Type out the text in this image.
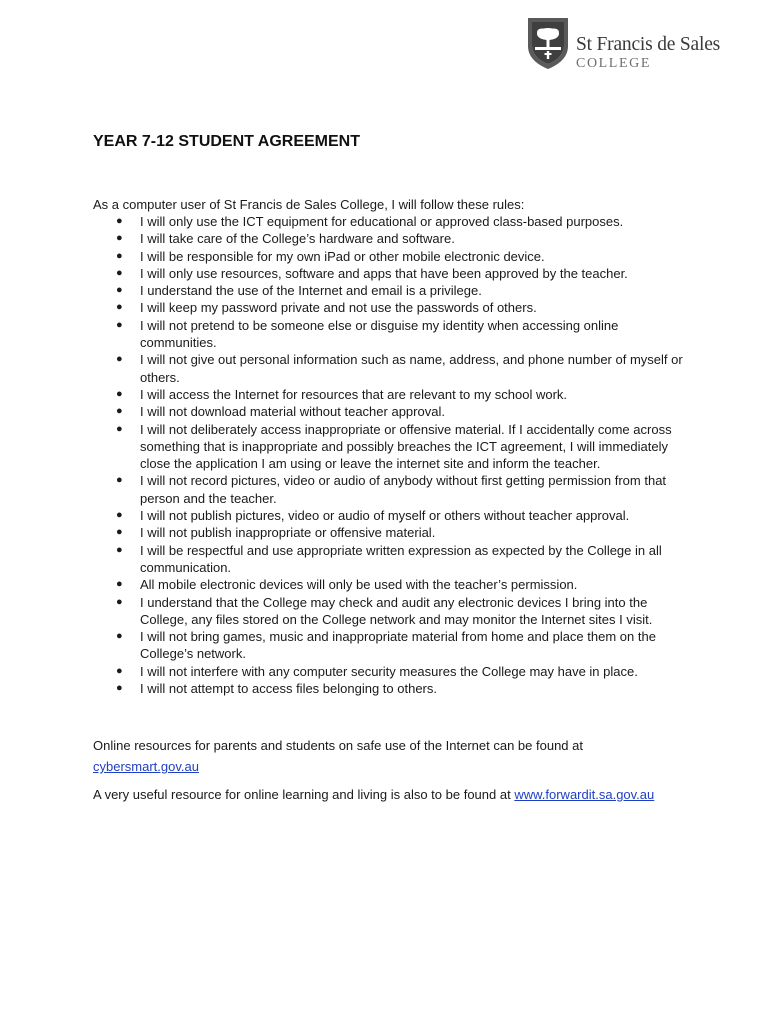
St Francis de Sales
COLLEGE
YEAR 7-12 STUDENT AGREEMENT

As a computer user of St Francis de Sales College, I will follow these rules:

● I will only use the ICT equipment for educational or approved class-based purposes.
● I will take care of the College’s hardware and software.
● I will be responsible for my own iPad or other mobile electronic device.
● I will only use resources, software and apps that have been approved by the teacher.
● I understand the use of the Internet and email is a privilege.
● I will keep my password private and not use the passwords of others.
● I will not pretend to be someone else or disguise my identity when accessing online communities.
● I will not give out personal information such as name, address, and phone number of myself or others.
● I will access the Internet for resources that are relevant to my school work.
● I will not download material without teacher approval.
● I will not deliberately access inappropriate or offensive material. If I accidentally come across something that is inappropriate and possibly breaches the ICT agreement, I will immediately close the application I am using or leave the internet site and inform the teacher.
● I will not record pictures, video or audio of anybody without first getting permission from that person and the teacher.
● I will not publish pictures, video or audio of myself or others without teacher approval.
● I will not publish inappropriate or offensive material.
● I will be respectful and use appropriate written expression as expected by the College in all communication.
● All mobile electronic devices will only be used with the teacher’s permission.
● I understand that the College may check and audit any electronic devices I bring into the College, any files stored on the College network and may monitor the Internet sites I visit.
● I will not bring games, music and inappropriate material from home and place them on the College’s network.
● I will not interfere with any computer security measures the College may have in place.
● I will not attempt to access files belonging to others.

Online resources for parents and students on safe use of the Internet can be found at
cybersmart.gov.au

A very useful resource for online learning and living is also to be found at www.forwardit.sa.gov.au
